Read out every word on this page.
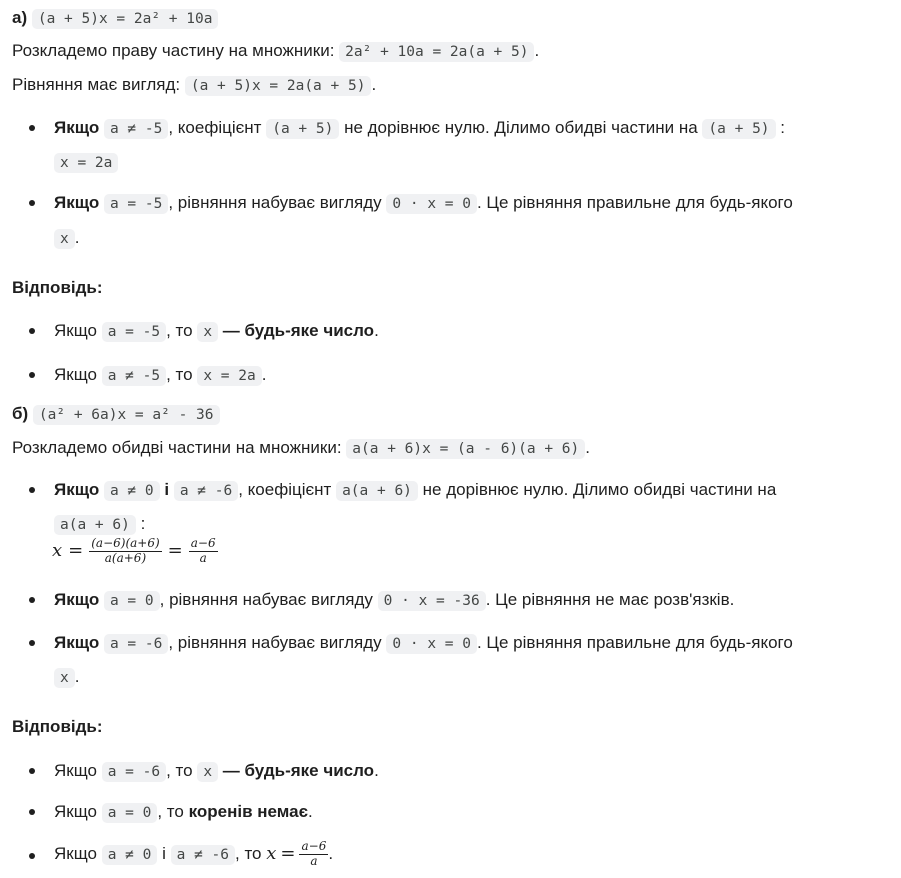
а) (a + 5)x = 2a² + 10a
Розкладемо праву частину на множники: 2a² + 10a = 2a(a + 5) .
Рівняння має вигляд: (a + 5)x = 2a(a + 5) .
Якщо a ≠ -5 , коефіцієнт (a + 5) не дорівнює нулю. Ділимо обидві частини на (a + 5) :
x = 2a
Якщо a = -5 , рівняння набуває вигляду 0 · x = 0 . Це рівняння правильне для будь-якого
x .
Відповідь:
Якщо a = -5 , то x — будь-яке число.
Якщо a ≠ -5 , то x = 2a .
б) (a² + 6a)x = a² - 36
Розкладемо обидві частини на множники: a(a + 6)x = (a - 6)(a + 6) .
Якщо a ≠ 0 і a ≠ -6 , коефіцієнт a(a + 6) не дорівнює нулю. Ділимо обидві частини на
a(a + 6) :
$x = \frac{(a-6)(a+6)}{a(a+6)} = \frac{a-6}{a}$
Якщо a = 0 , рівняння набуває вигляду 0 · x = -36 . Це рівняння не має розв'язків.
Якщо a = -6 , рівняння набуває вигляду 0 · x = 0 . Це рівняння правильне для будь-якого
x .
Відповідь:
Якщо a = -6 , то x — будь-яке число.
Якщо a = 0 , то коренів немає.
Якщо a ≠ 0 і a ≠ -6 , то $x = \frac{a-6}{a}$ .
